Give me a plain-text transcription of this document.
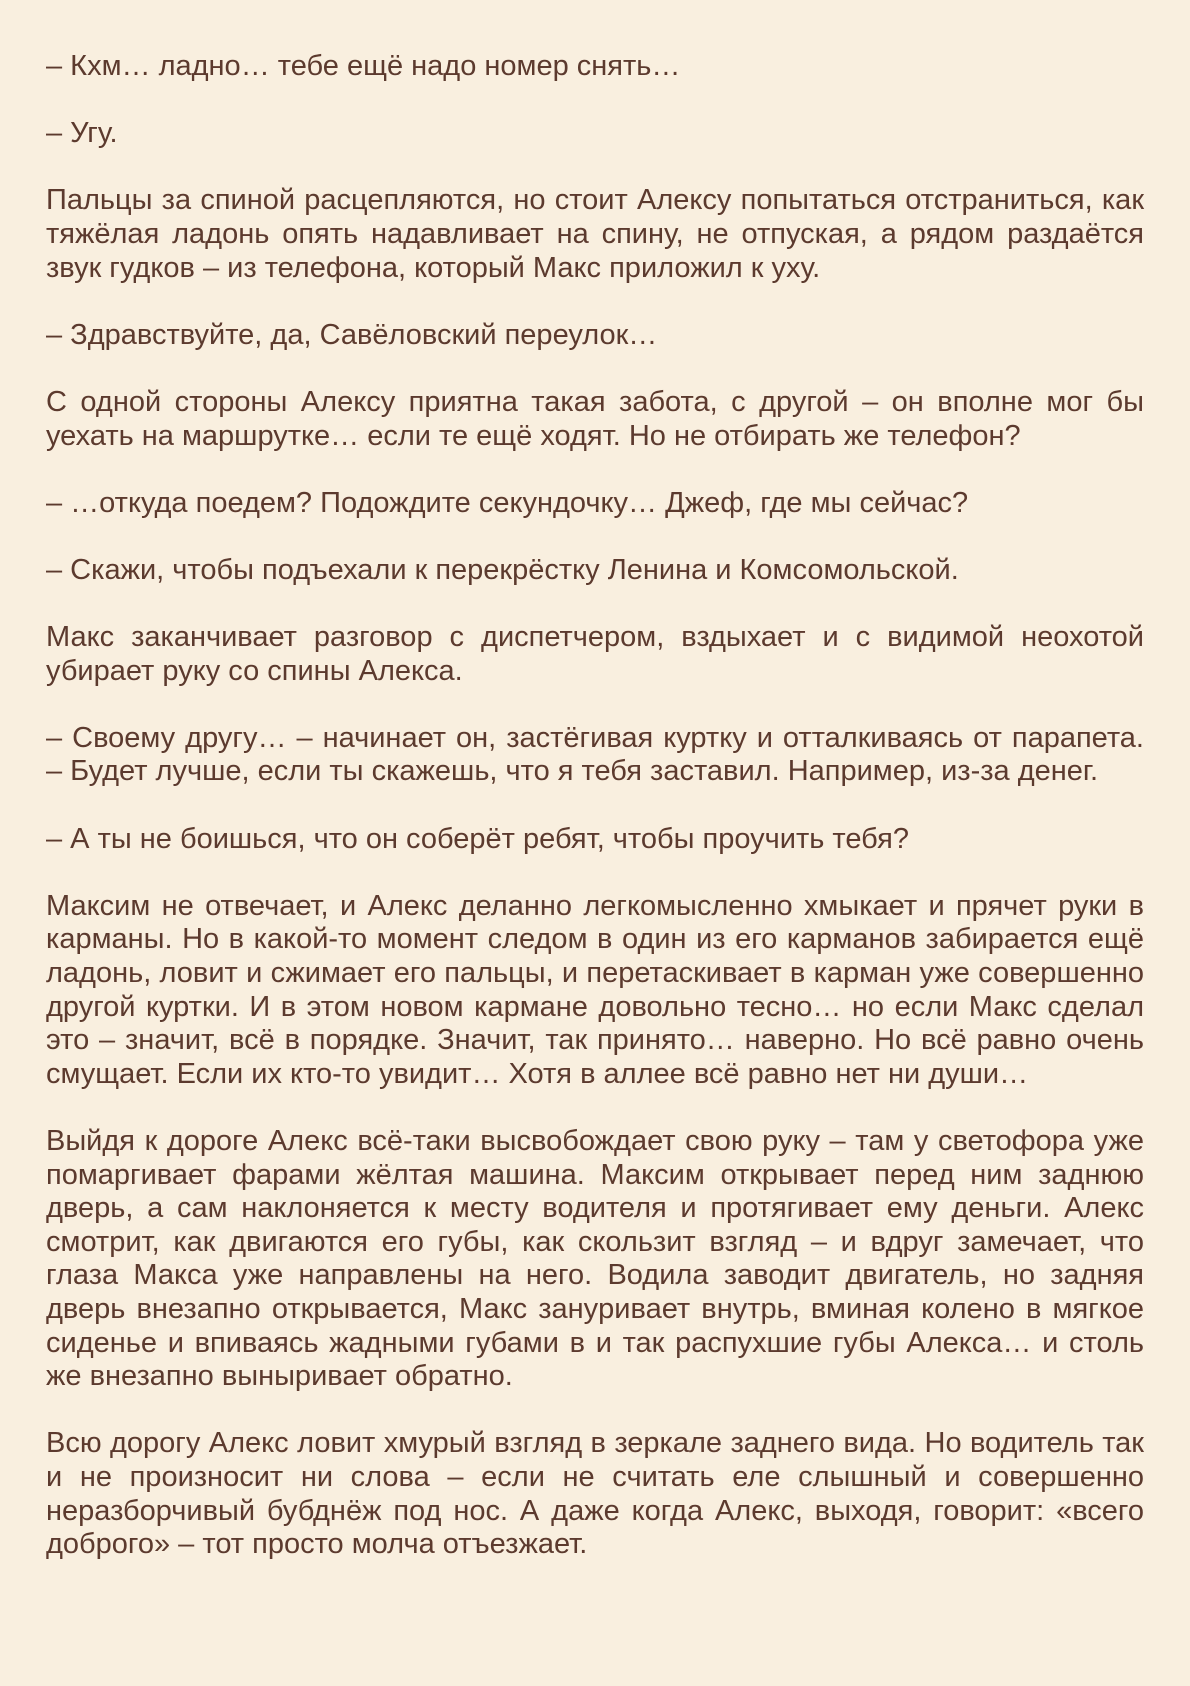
– Кхм… ладно… тебе ещё надо номер снять…

– Угу.

Пальцы за спиной расцепляются, но стоит Алексу попытаться отстраниться, как тяжёлая ладонь опять надавливает на спину, не отпуская, а рядом раздаётся звук гудков – из телефона, который Макс приложил к уху.

– Здравствуйте, да, Савёловский переулок…

С одной стороны Алексу приятна такая забота, с другой – он вполне мог бы уехать на маршрутке… если те ещё ходят. Но не отбирать же телефон?

– …откуда поедем? Подождите секундочку… Джеф, где мы сейчас?

– Скажи, чтобы подъехали к перекрёстку Ленина и Комсомольской.

Макс заканчивает разговор с диспетчером, вздыхает и с видимой неохотой убирает руку со спины Алекса.

– Своему другу… – начинает он, застёгивая куртку и отталкиваясь от парапета. – Будет лучше, если ты скажешь, что я тебя заставил. Например, из-за денег.

– А ты не боишься, что он соберёт ребят, чтобы проучить тебя?

Максим не отвечает, и Алекс деланно легкомысленно хмыкает и прячет руки в карманы. Но в какой-то момент следом в один из его карманов забирается ещё ладонь, ловит и сжимает его пальцы, и перетаскивает в карман уже совершенно другой куртки. И в этом новом кармане довольно тесно… но если Макс сделал это – значит, всё в порядке. Значит, так принято… наверно. Но всё равно очень смущает. Если их кто-то увидит… Хотя в аллее всё равно нет ни души…

Выйдя к дороге Алекс всё-таки высвобождает свою руку – там у светофора уже помаргивает фарами жёлтая машина. Максим открывает перед ним заднюю дверь, а сам наклоняется к месту водителя и протягивает ему деньги. Алекс смотрит, как двигаются его губы, как скользит взгляд – и вдруг замечает, что глаза Макса уже направлены на него. Водила заводит двигатель, но задняя дверь внезапно открывается, Макс занyривает внутрь, вминая колено в мягкое сиденье и впиваясь жадными губами в и так распухшие губы Алекса… и столь же внезапно выныривает обратно.

Всю дорогу Алекс ловит хмурый взгляд в зеркале заднего вида. Но водитель так и не произносит ни слова – если не считать еле слышный и совершенно неразборчивый бубднёж под нос. А даже когда Алекс, выходя, говорит: «всего доброго» – тот просто молча отъезжает.
